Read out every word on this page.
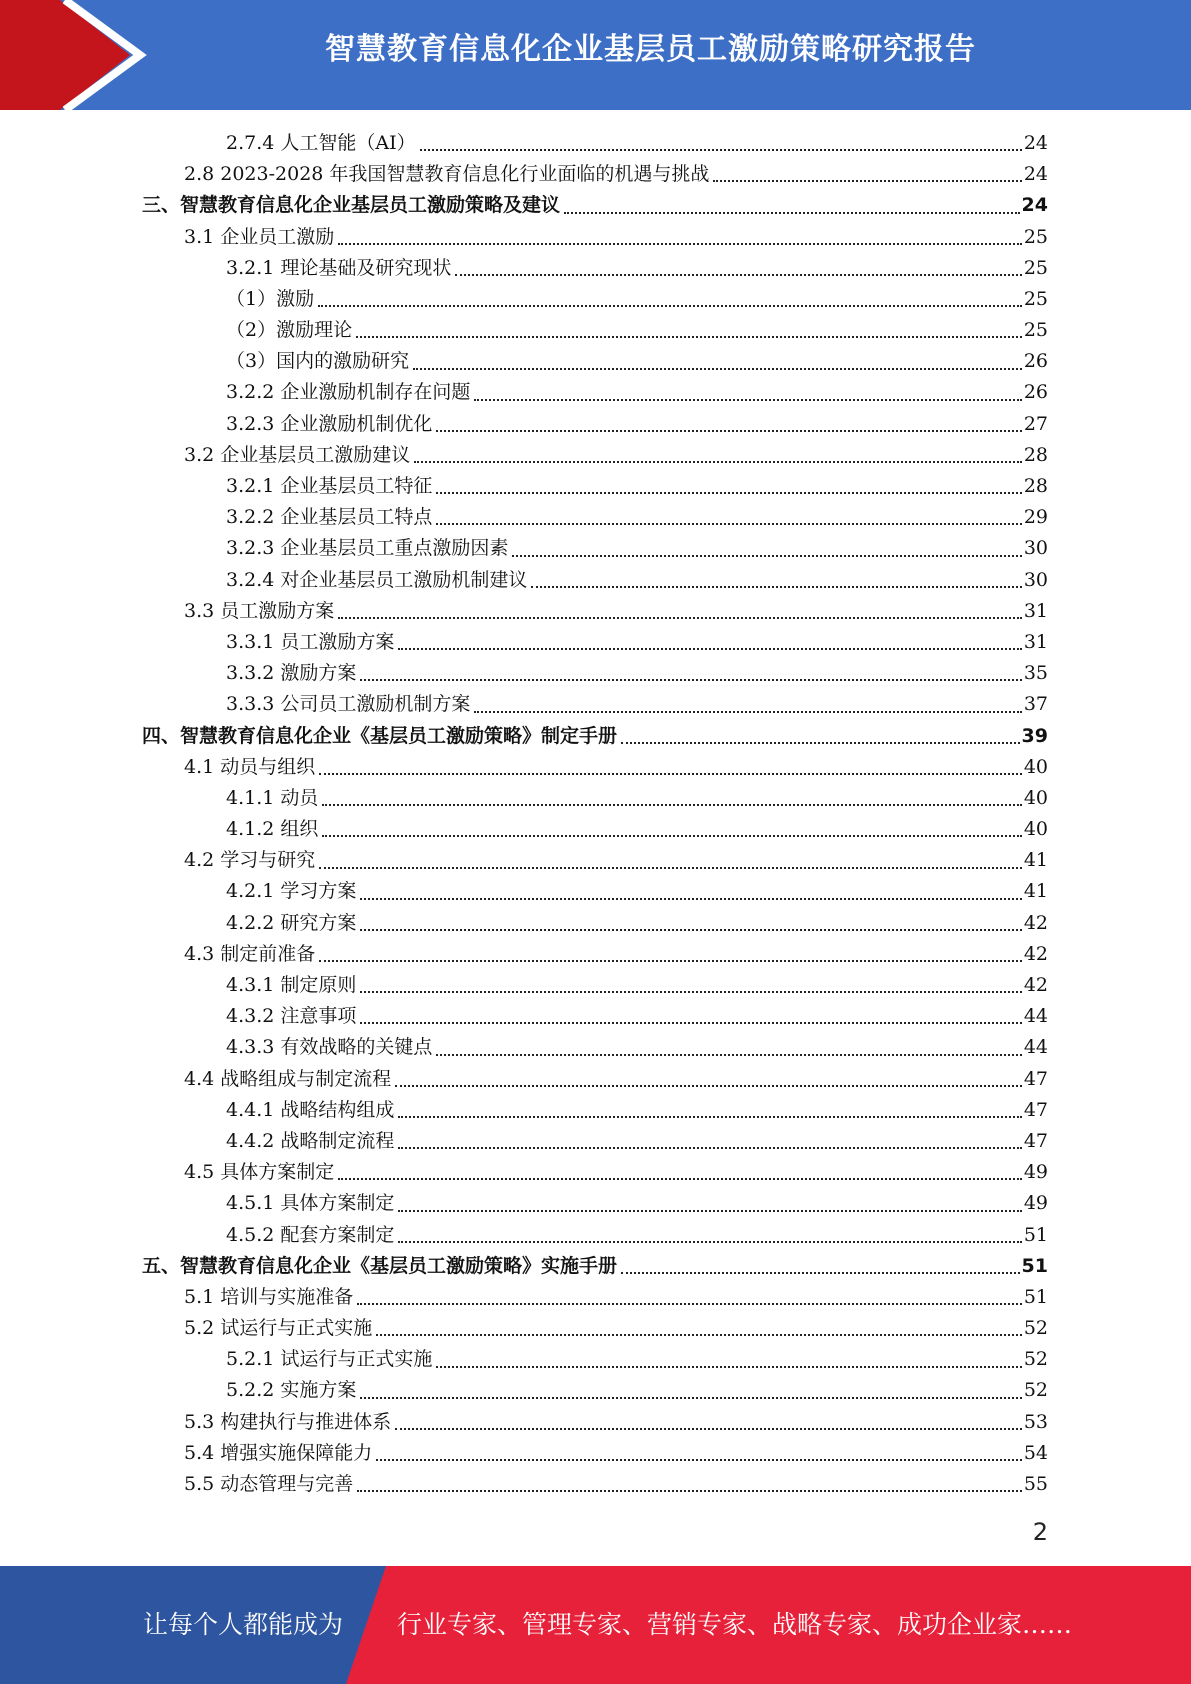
智慧教育信息化企业基层员工激励策略研究报告
2.7.4 人工智能（AI）	24
2.8 2023-2028 年我国智慧教育信息化行业面临的机遇与挑战	24
三、智慧教育信息化企业基层员工激励策略及建议	24
3.1 企业员工激励	25
3.2.1 理论基础及研究现状	25
（1）激励	25
（2）激励理论	25
（3）国内的激励研究	26
3.2.2 企业激励机制存在问题	26
3.2.3 企业激励机制优化	27
3.2 企业基层员工激励建议	28
3.2.1 企业基层员工特征	28
3.2.2 企业基层员工特点	29
3.2.3 企业基层员工重点激励因素	30
3.2.4 对企业基层员工激励机制建议	30
3.3 员工激励方案	31
3.3.1 员工激励方案	31
3.3.2 激励方案	35
3.3.3 公司员工激励机制方案	37
四、智慧教育信息化企业《基层员工激励策略》制定手册	39
4.1 动员与组织	40
4.1.1 动员	40
4.1.2 组织	40
4.2 学习与研究	41
4.2.1 学习方案	41
4.2.2 研究方案	42
4.3 制定前准备	42
4.3.1 制定原则	42
4.3.2 注意事项	44
4.3.3 有效战略的关键点	44
4.4 战略组成与制定流程	47
4.4.1 战略结构组成	47
4.4.2 战略制定流程	47
4.5 具体方案制定	49
4.5.1 具体方案制定	49
4.5.2 配套方案制定	51
五、智慧教育信息化企业《基层员工激励策略》实施手册	51
5.1 培训与实施准备	51
5.2 试运行与正式实施	52
5.2.1 试运行与正式实施	52
5.2.2 实施方案	52
5.3 构建执行与推进体系	53
5.4 增强实施保障能力	54
5.5 动态管理与完善	55
2
让每个人都能成为 行业专家、管理专家、营销专家、战略专家、成功企业家……
